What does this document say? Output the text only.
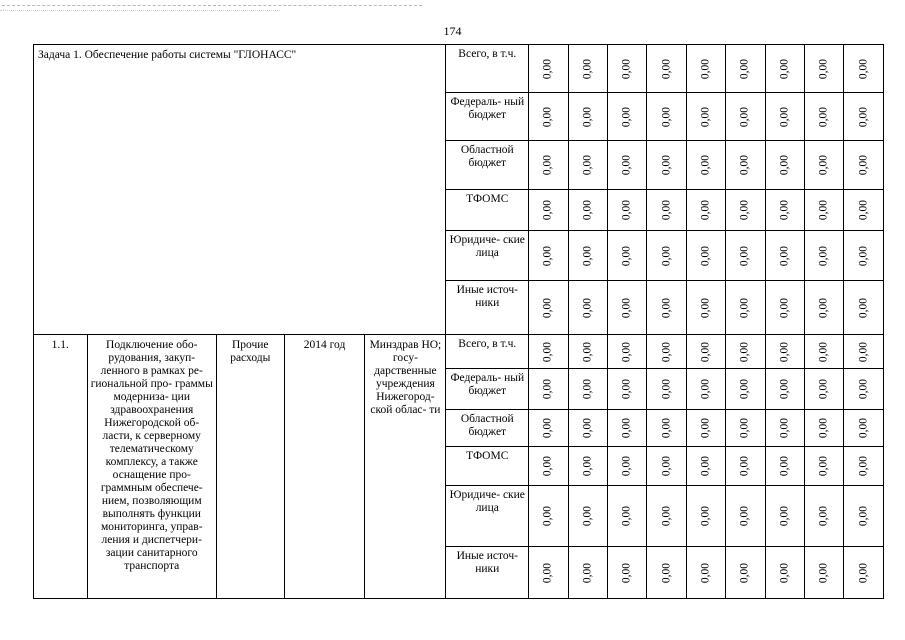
174
Задача 1. Обеспечение работы системы "ГЛОНАСС"					Всего, в т.ч.	0,00	0,00	0,00	0,00	0,00	0,00	0,00	0,00	0,00

					Федераль- ный бюджет	0,00	0,00	0,00	0,00	0,00	0,00	0,00	0,00	0,00

					Областной бюджет	0,00	0,00	0,00	0,00	0,00	0,00	0,00	0,00	0,00

					ТФОМС	0,00	0,00	0,00	0,00	0,00	0,00	0,00	0,00	0,00

					Юридиче- ские лица	0,00	0,00	0,00	0,00	0,00	0,00	0,00	0,00	0,00

					Иные источ- ники	0,00	0,00	0,00	0,00	0,00	0,00	0,00	0,00	0,00

1.1.	Подключение обо- рудования, закуп- ленного в рамках ре- гиональной про- граммы модерниза- ции здравоохранения Нижегородской об- ласти, к серверному телематическому комплексу, а также оснащение про- граммным обеспече- нием, позволяющим выполнять функции мониторинга, управ- ления и диспетчери- зации санитарного транспорта	Прочие расходы	2014 год	Минздрав НО; госу- дарственные учреждения Нижегород- ской облас- ти	Всего, в т.ч.	0,00	0,00	0,00	0,00	0,00	0,00	0,00	0,00	0,00

					Федераль- ный бюджет	0,00	0,00	0,00	0,00	0,00	0,00	0,00	0,00	0,00

					Областной бюджет	0,00	0,00	0,00	0,00	0,00	0,00	0,00	0,00	0,00

					ТФОМС	0,00	0,00	0,00	0,00	0,00	0,00	0,00	0,00	0,00

					Юридиче- ские лица	0,00	0,00	0,00	0,00	0,00	0,00	0,00	0,00	0,00

					Иные источ- ники	0,00	0,00	0,00	0,00	0,00	0,00	0,00	0,00	0,00
